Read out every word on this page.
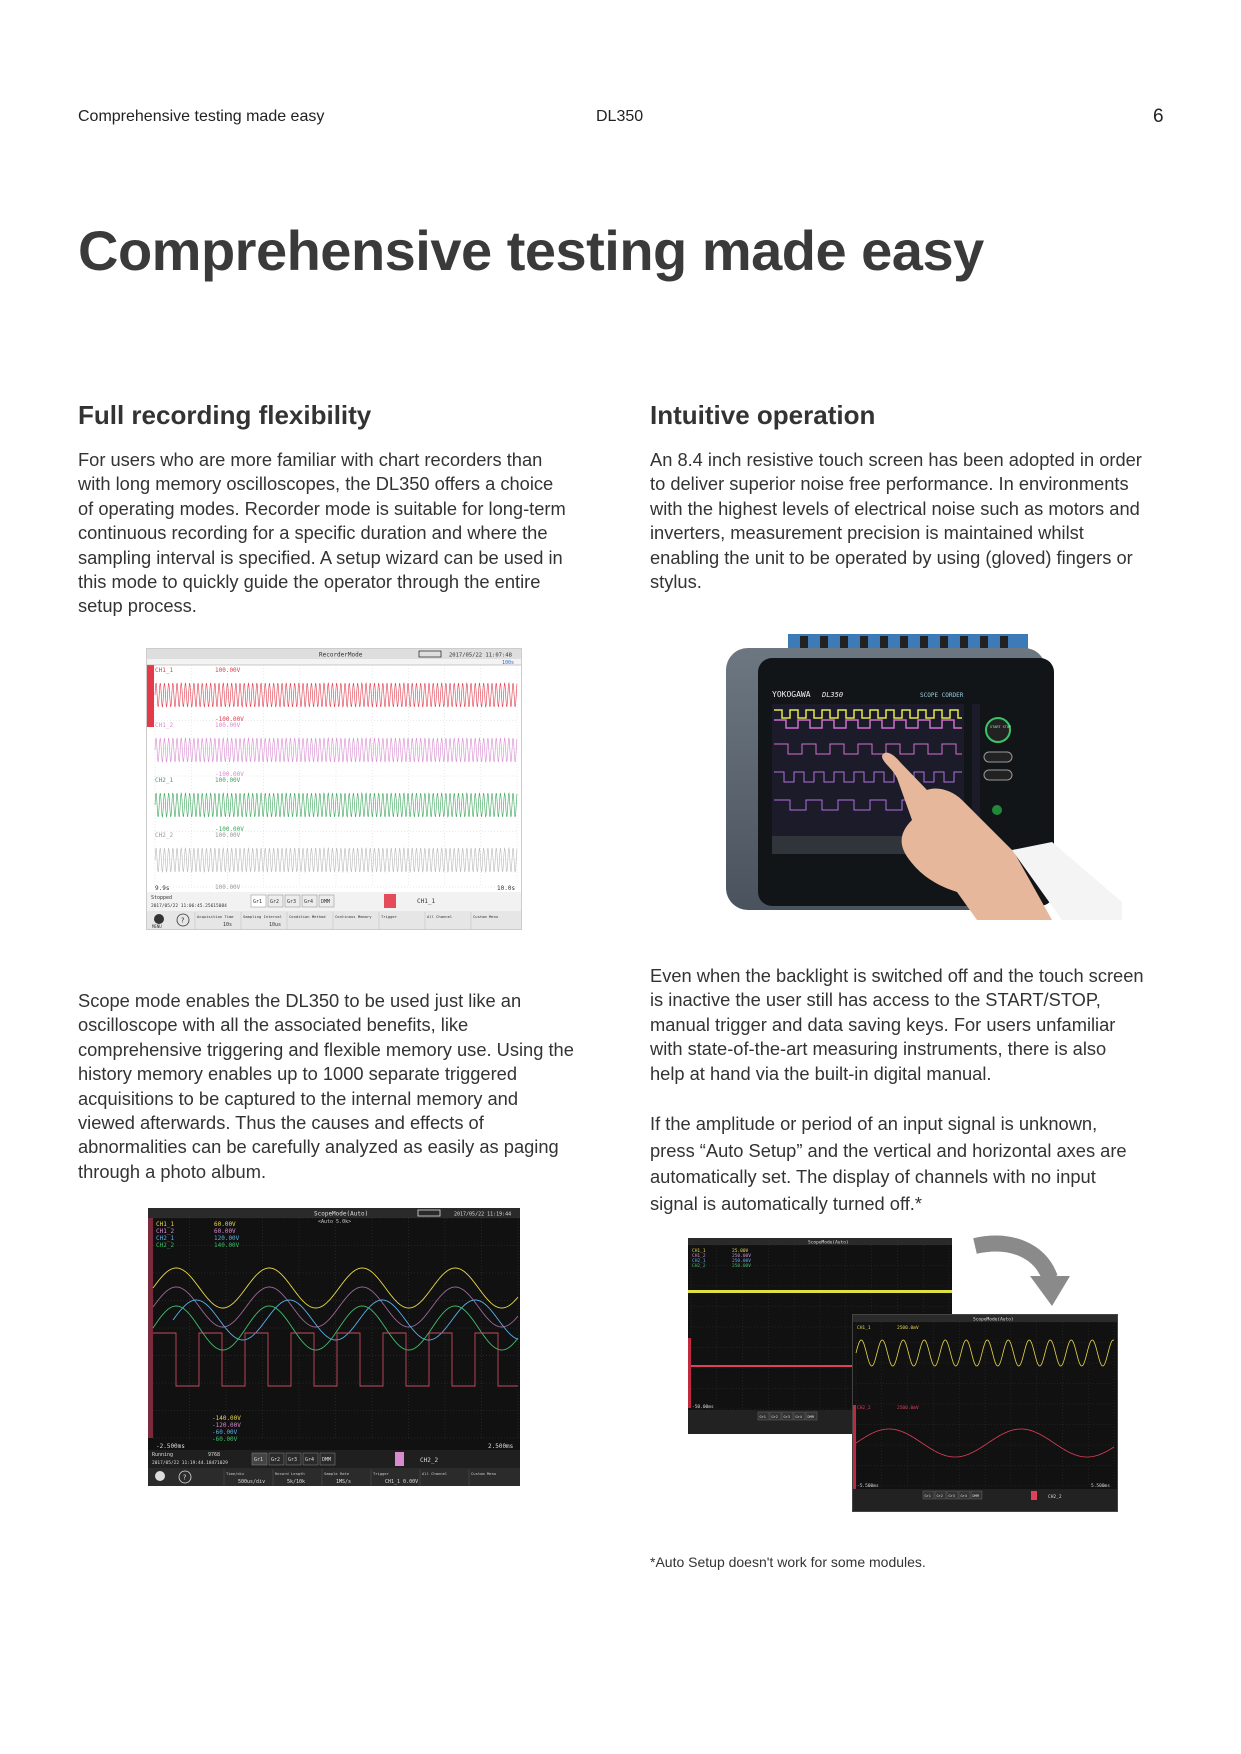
Comprehensive testing made easy	DL350	6
Comprehensive testing made easy
Full recording flexibility
For users who are more familiar with chart recorders than
with long memory oscilloscopes, the DL350 offers a choice
of operating modes. Recorder mode is suitable for long-term
continuous recording for a specific duration and where the
sampling interval is specified. A setup wizard can be used in
this mode to quickly guide the operator through the entire
setup process.
RecorderMode	2017/05/22 11:07:48
100s
CH1_1	100.00V
-100.00V
CH1_2	100.00V
-100.00V
CH2_1	100.00V
-100.00V
CH2_2	100.00V
100.00V
9.9s	10.0s
Stopped
2017/05/22 11:06:45.25615084
Gr1 Gr2 Gr3 Gr4 DMM	CH1_1
MENU
?	Acquisition Time
10s
Sampling Interval
10us
Condition Method Continous Memory Trigger	All Channel	Custom Menu
Scope mode enables the DL350 to be used just like an
oscilloscope with all the associated benefits, like
comprehensive triggering and flexible memory use. Using the
history memory enables up to 1000 separate triggered
acquisitions to be captured to the internal memory and
viewed afterwards. Thus the causes and effects of
abnormalities can be carefully analyzed as easily as paging
through a photo album.
ScopeMode(Auto)	2017/05/22 11:19:44
<Auto 5.0k>
CH1_1	60.00V
CH1_2	60.00V
CH2_1	120.00V
CH2_2	140.00V
-140.00V
-120.00V
-60.00V
-60.00V
-2.500ms	2.500ms
Running	9768
2017/05/22 11:19:44.18471029
Gr1 Gr2 Gr3 Gr4 DMM	CH2_2
?	Time/div
500us/div
Record Length
5k/10k
Sample Rate
1MS/s
Trigger
CH1_1 0.00V
All Channel	Custom Menu
Intuitive operation
An 8.4 inch resistive touch screen has been adopted in order
to deliver superior noise free performance. In environments
with the highest levels of electrical noise such as motors and
inverters, measurement precision is maintained whilst
enabling the unit to be operated by using (gloved) fingers or
stylus.
YOKOGAWA DL350	SCOPE CORDER
START STOP
Even when the backlight is switched off and the touch screen
is inactive the user still has access to the START/STOP,
manual trigger and data saving keys. For users unfamiliar
with state-of-the-art measuring instruments, there is also
help at hand via the built-in digital manual.
If the amplitude or period of an input signal is unknown,
press “Auto Setup” and the vertical and horizontal axes are
automatically set. The display of channels with no input
signal is automatically turned off.*
ScopeMode(Auto)
CH1_1
CH1_2
CH2_1
CH2_2
25.00V
250.00V
250.00V
250.00V
-50.00ms
Gr1 Gr2 Gr3 Gr4 DMM
ScopeMode(Auto)
CH1_1	2500.0mV
CH2_2	2500.0mV
-5.500ms	5.500ms
Gr1 Gr2 Gr3 Gr4 DMM	CH2_2
*Auto Setup doesn't work for some modules.
